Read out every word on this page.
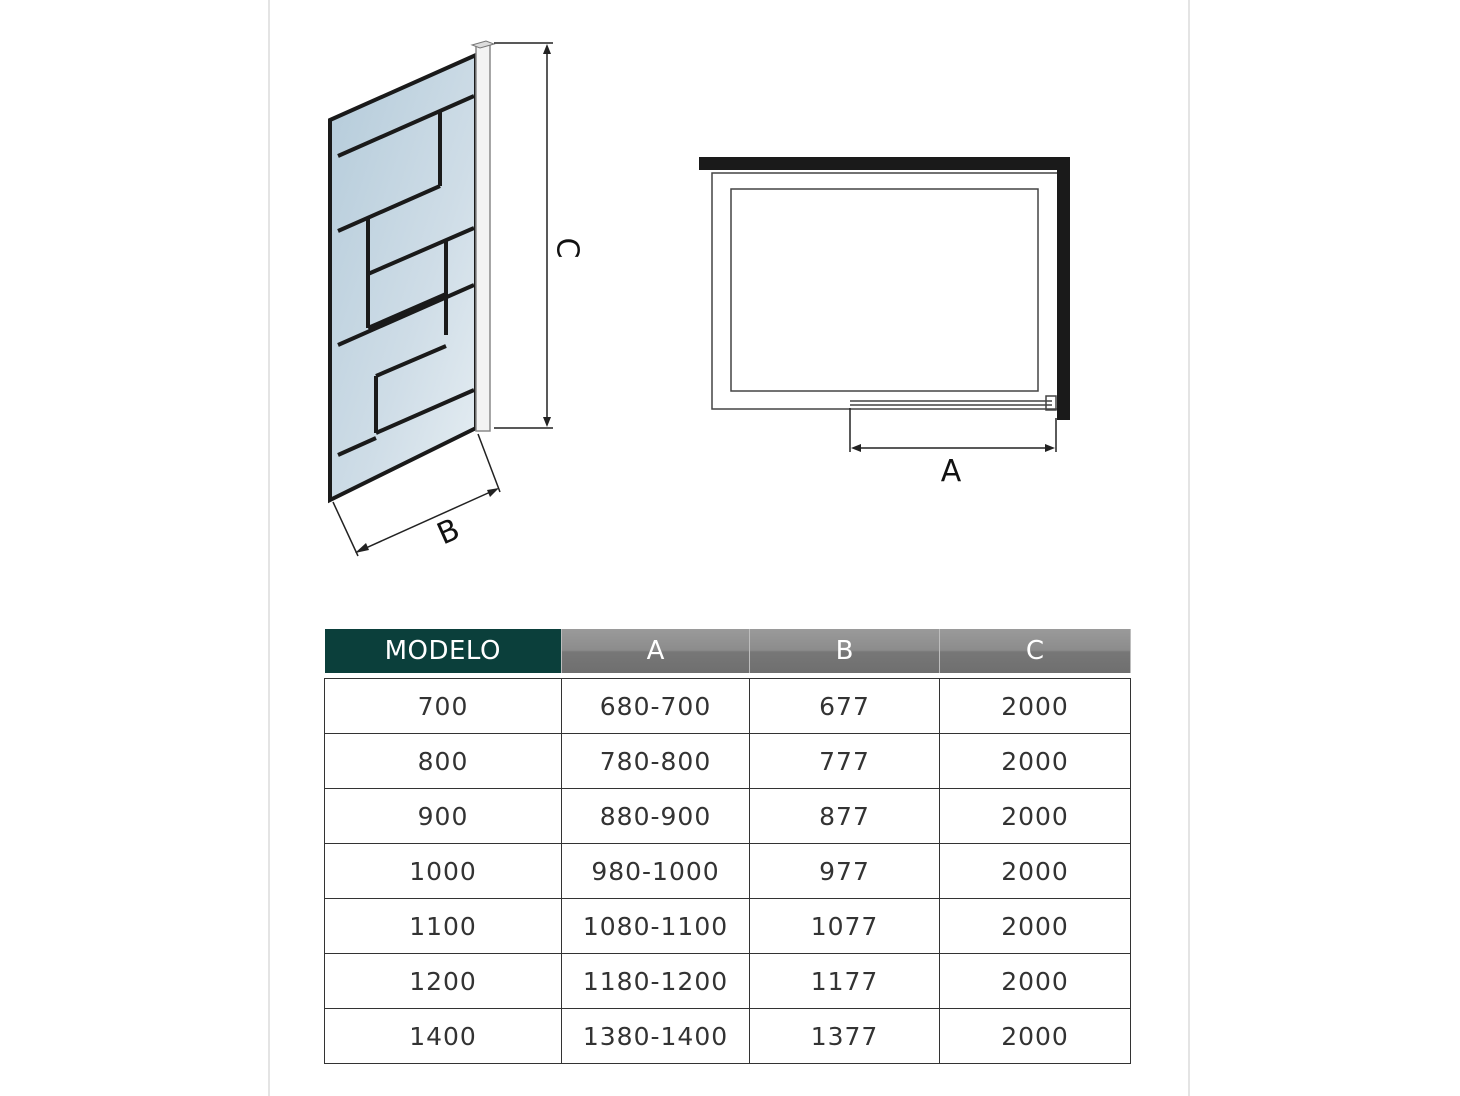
C
B
A
MODELO	A	B	C

700	680-700	677	2000
800	780-800	777	2000
900	880-900	877	2000
1000	980-1000	977	2000
1100	1080-1100	1077	2000
1200	1180-1200	1177	2000
1400	1380-1400	1377	2000
